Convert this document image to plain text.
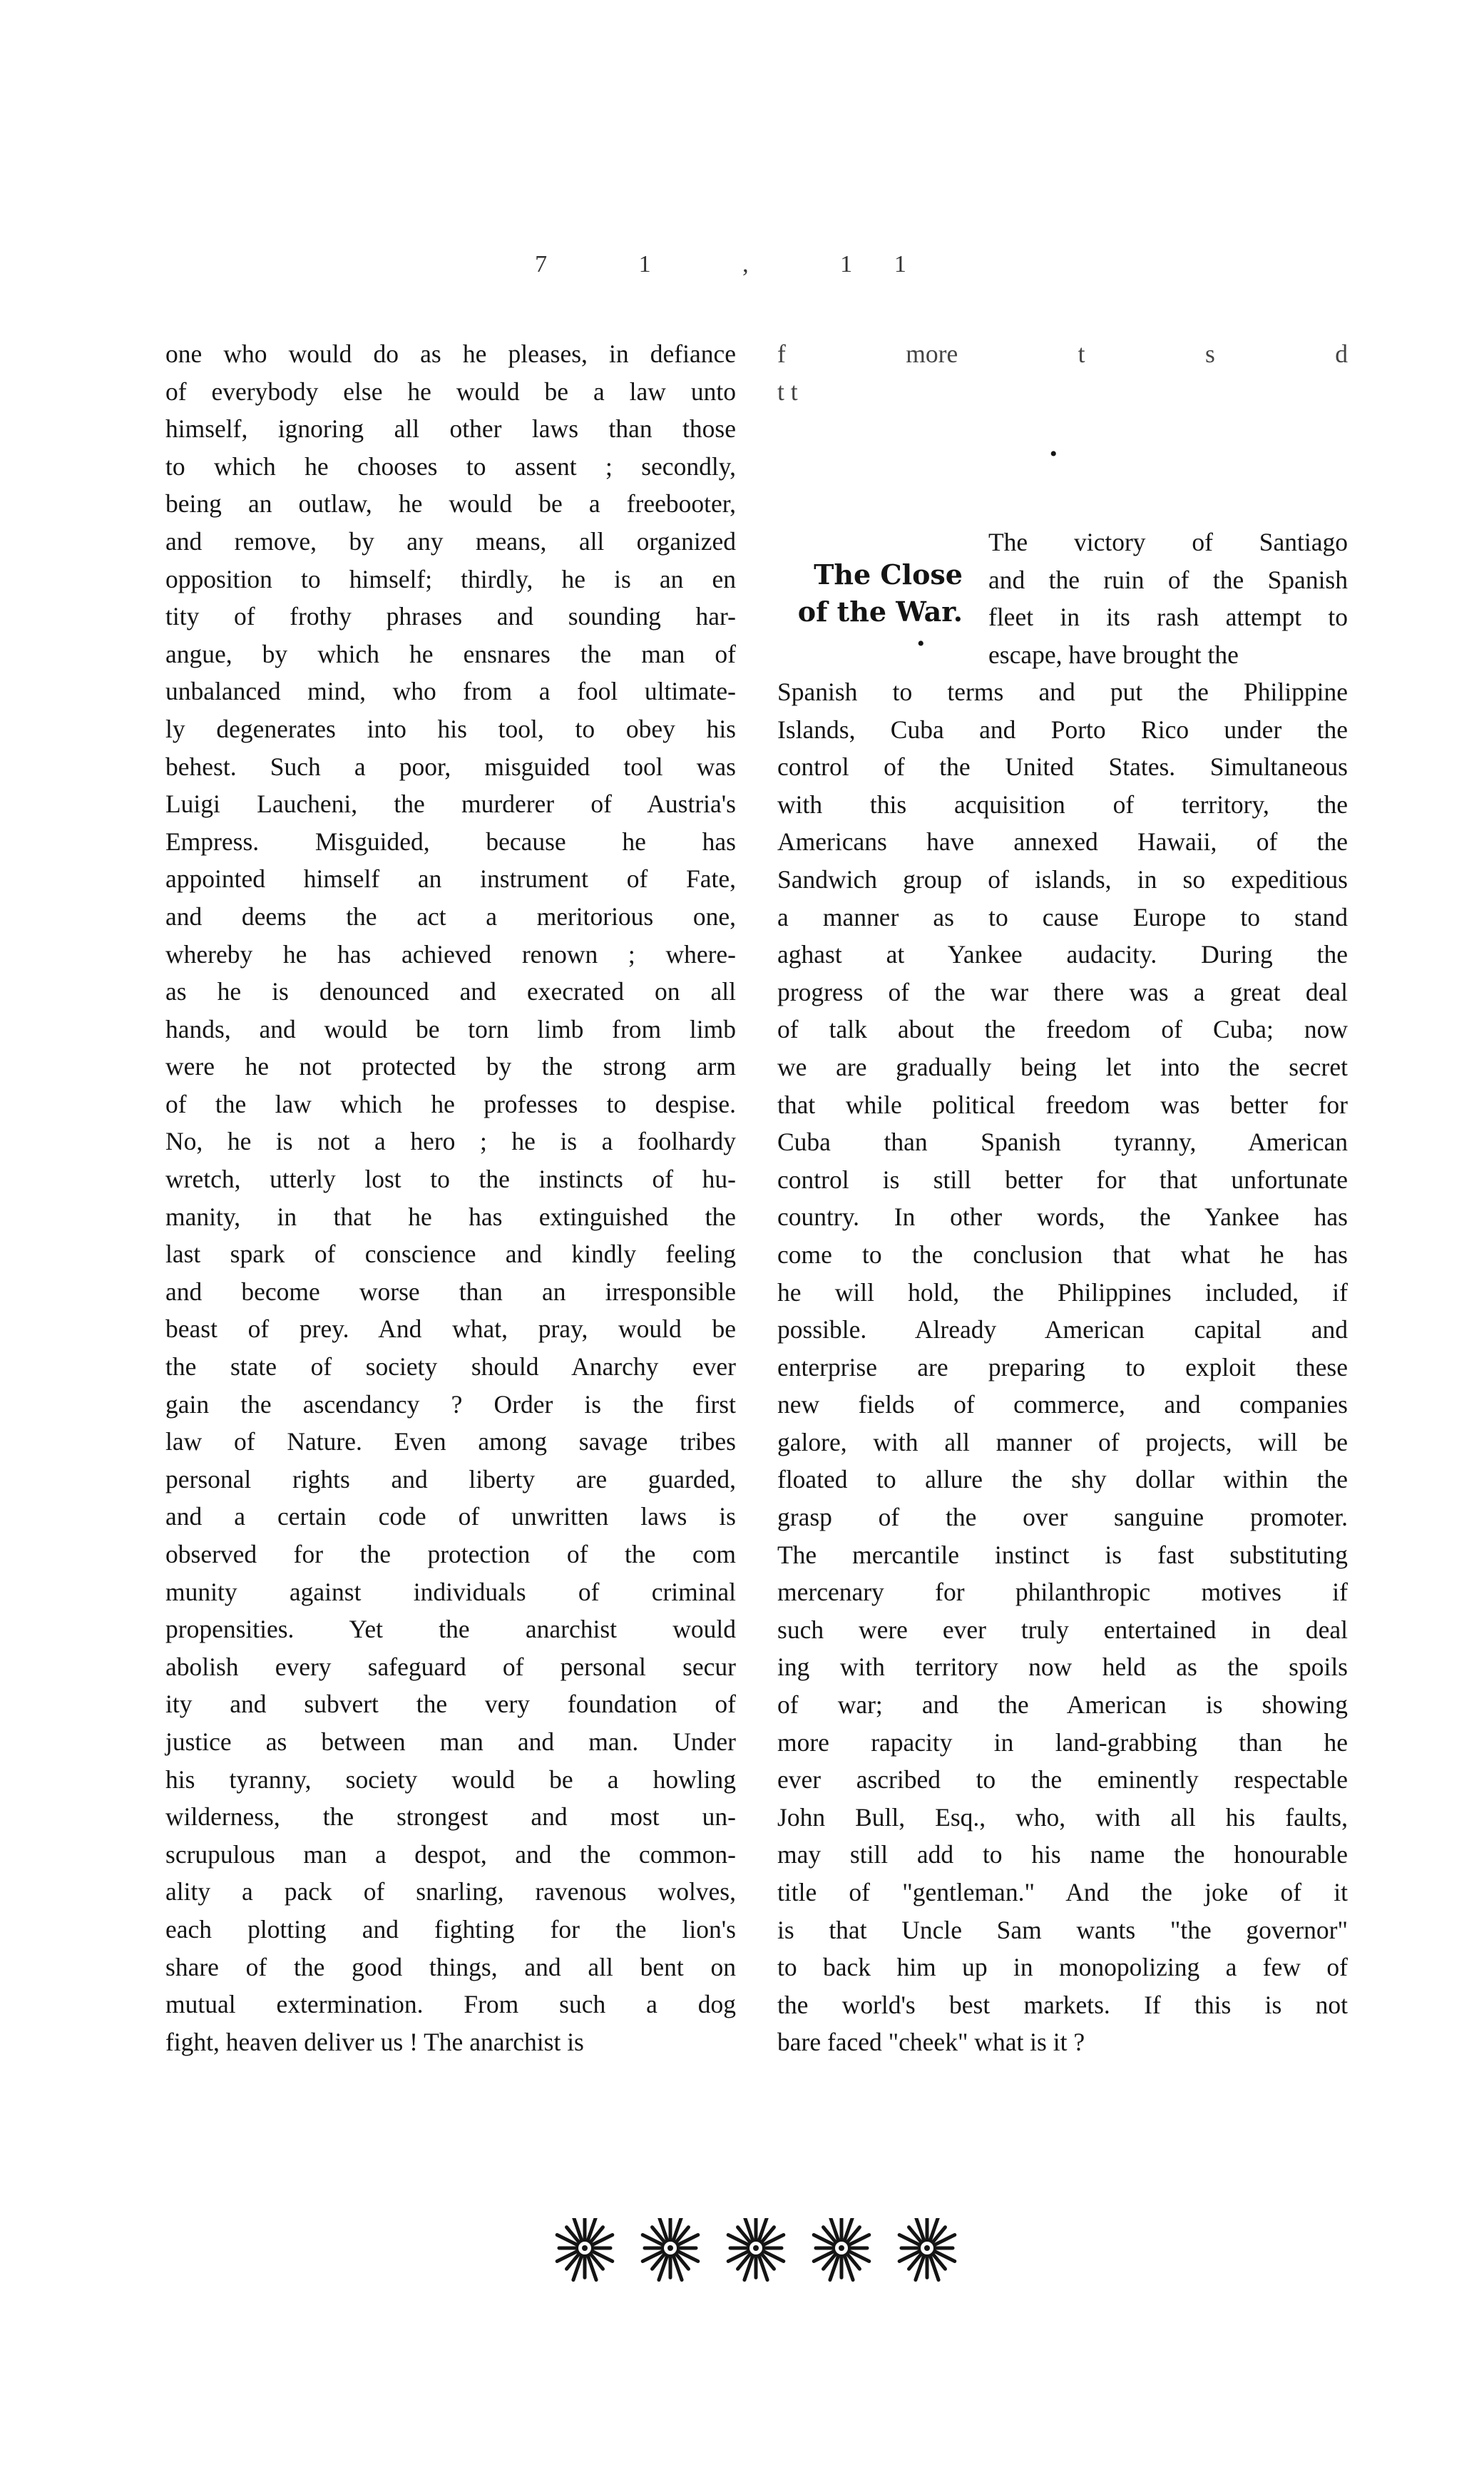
7 1 , 11
one who would do as he pleases, in defiance
of everybody else he would be a law unto
himself, ignoring all other laws than those
to which he chooses to assent ; secondly,
being an outlaw, he would be a freebooter,
and remove, by any means, all organized
opposition to himself; thirdly, he is an en
tity of frothy phrases and sounding har-
angue, by which he ensnares the man of
unbalanced mind, who from a fool ultimate-
ly degenerates into his tool, to obey his
behest. Such a poor, misguided tool was
Luigi Laucheni, the murderer of Austria's
Empress. Misguided, because he has
appointed himself an instrument of Fate,
and deems the act a meritorious one,
whereby he has achieved renown ; where-
as he is denounced and execrated on all
hands, and would be torn limb from limb
were he not protected by the strong arm
of the law which he professes to despise.
No, he is not a hero ; he is a foolhardy
wretch, utterly lost to the instincts of hu-
manity, in that he has extinguished the
last spark of conscience and kindly feeling
and become worse than an irresponsible
beast of prey. And what, pray, would be
the state of society should Anarchy ever
gain the ascendancy ? Order is the first
law of Nature. Even among savage tribes
personal rights and liberty are guarded,
and a certain code of unwritten laws is
observed for the protection of the com
munity against individuals of criminal
propensities. Yet the anarchist would
abolish every safeguard of personal secur
ity and subvert the very foundation of
justice as between man and man. Under
his tyranny, society would be a howling
wilderness, the strongest and most un-
scrupulous man a despot, and the common-
ality a pack of snarling, ravenous wolves,
each plotting and fighting for the lion's
share of the good things, and all bent on
mutual extermination. From such a dog
fight, heaven deliver us ! The anarchist is
f more t s d
t t
•
The Close
of the War.
•
The victory of Santiago
and the ruin of the Spanish
fleet in its rash attempt to
escape, have brought the
Spanish to terms and put the Philippine
Islands, Cuba and Porto Rico under the
control of the United States. Simultaneous
with this acquisition of territory, the
Americans have annexed Hawaii, of the
Sandwich group of islands, in so expeditious
a manner as to cause Europe to stand
aghast at Yankee audacity. During the
progress of the war there was a great deal
of talk about the freedom of Cuba; now
we are gradually being let into the secret
that while political freedom was better for
Cuba than Spanish tyranny, American
control is still better for that unfortunate
country. In other words, the Yankee has
come to the conclusion that what he has
he will hold, the Philippines included, if
possible. Already American capital and
enterprise are preparing to exploit these
new fields of commerce, and companies
galore, with all manner of projects, will be
floated to allure the shy dollar within the
grasp of the over sanguine promoter.
The mercantile instinct is fast substituting
mercenary for philanthropic motives if
such were ever truly entertained in deal
ing with territory now held as the spoils
of war; and the American is showing
more rapacity in land-grabbing than he
ever ascribed to the eminently respectable
John Bull, Esq., who, with all his faults,
may still add to his name the honourable
title of "gentleman." And the joke of it
is that Uncle Sam wants "the governor"
to back him up in monopolizing a few of
the world's best markets. If this is not
bare faced "cheek" what is it ?
